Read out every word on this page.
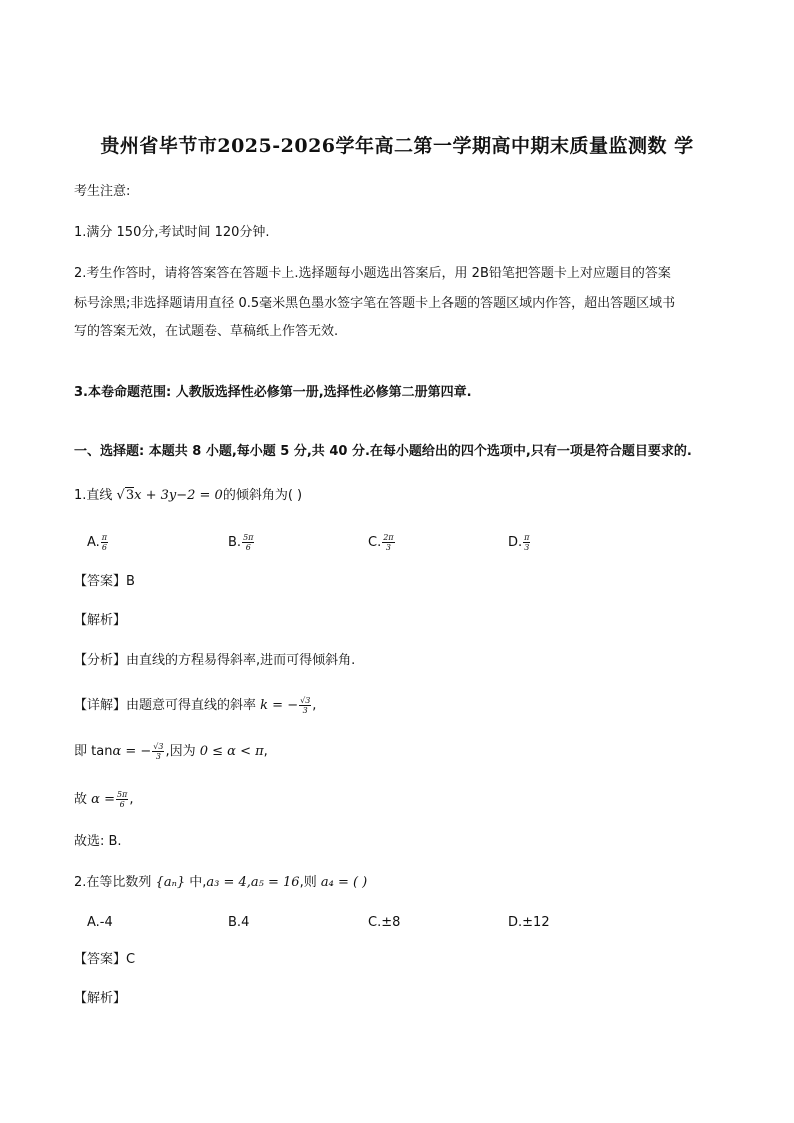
贵州省毕节市2025-2026学年高二第一学期高中期末质量监测数 学
考生注意:
1.满分 150分,考试时间 120分钟.
2.考生作答时，请将答案答在答题卡上.选择题每小题选出答案后，用 2B铅笔把答题卡上对应题目的答案
标号涂黑;非选择题请用直径 0.5毫米黑色墨水签字笔在答题卡上各题的答题区域内作答，超出答题区域书
写的答案无效，在试题卷、草稿纸上作答无效.
3.本卷命题范围: 人教版选择性必修第一册,选择性必修第二册第四章.
一、选择题: 本题共 8 小题,每小题 5 分,共 40 分.在每小题给出的四个选项中,只有一项是符合题目要求的.
1.直线 √3x + 3y−2 = 0的倾斜角为( )
A. $\frac{\pi}{6}$	B. $\frac{5\pi}{6}$	C. $\frac{2\pi}{3}$	D. $\frac{\pi}{3}$
【答案】B
【解析】
【分析】由直线的方程易得斜率,进而可得倾斜角.
【详解】由题意可得直线的斜率 k = − $\frac{√3}{3}$ ,
即 tanα = − $\frac{√3}{3}$ ,因为 0 ≤ α < π,
故 $\alpha = \frac{5\pi}{6}$ ,
故选: B.
2.在等比数列 {aₙ} 中,a₃ = 4,a₅ = 16,则 a₄ = ( )
A.-4	B.4	C.±8	D.±12
【答案】C
【解析】
